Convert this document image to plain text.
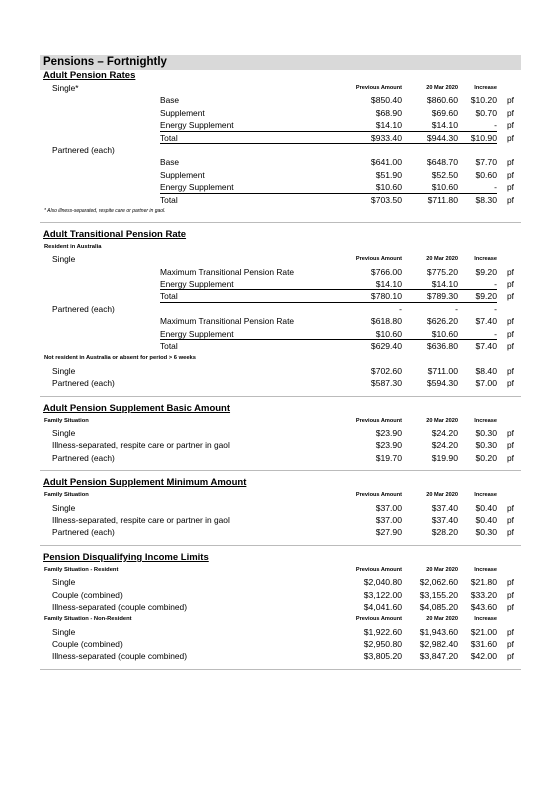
Pensions – Fortnightly
Adult Pension Rates
Single*	Previous Amount	20 Mar 2020	Increase
Base	$850.40	$860.60	$10.20 pf
Supplement	$68.90	$69.60	$0.70 pf
Energy Supplement	$14.10	$14.10	- pf
Total	$933.40	$944.30	$10.90 pf
Partnered (each)
Base	$641.00	$648.70	$7.70 pf
Supplement	$51.90	$52.50	$0.60 pf
Energy Supplement	$10.60	$10.60	- pf
Total	$703.50	$711.80	$8.30 pf
* Also illness-separated, respite care or partner in gaol.
Adult Transitional Pension Rate
Resident in Australia
Single	Previous Amount	20 Mar 2020	Increase
Maximum Transitional Pension Rate	$766.00	$775.20	$9.20 pf
Energy Supplement	$14.10	$14.10	- pf
Total	$780.10	$789.30	$9.20 pf
Partnered (each)	-	-	-
Maximum Transitional Pension Rate	$618.80	$626.20	$7.40 pf
Energy Supplement	$10.60	$10.60	- pf
Total	$629.40	$636.80	$7.40 pf
Not resident in Australia or absent for period > 6 weeks
Single	$702.60	$711.00	$8.40 pf
Partnered (each)	$587.30	$594.30	$7.00 pf
Adult Pension Supplement Basic Amount
Family Situation	Previous Amount	20 Mar 2020	Increase
Single	$23.90	$24.20	$0.30 pf
Illness-separated, respite care or partner in gaol	$23.90	$24.20	$0.30 pf
Partnered (each)	$19.70	$19.90	$0.20 pf
Adult Pension Supplement Minimum Amount
Family Situation	Previous Amount	20 Mar 2020	Increase
Single	$37.00	$37.40	$0.40 pf
Illness-separated, respite care or partner in gaol	$37.00	$37.40	$0.40 pf
Partnered (each)	$27.90	$28.20	$0.30 pf
Pension Disqualifying Income Limits
Family Situation - Resident	Previous Amount	20 Mar 2020	Increase
Single	$2,040.80	$2,062.60	$21.80 pf
Couple (combined)	$3,122.00	$3,155.20	$33.20 pf
Illness-separated (couple combined)	$4,041.60	$4,085.20	$43.60 pf
Family Situation - Non-Resident	Previous Amount	20 Mar 2020	Increase
Single	$1,922.60	$1,943.60	$21.00 pf
Couple (combined)	$2,950.80	$2,982.40	$31.60 pf
Illness-separated (couple combined)	$3,805.20	$3,847.20	$42.00 pf
